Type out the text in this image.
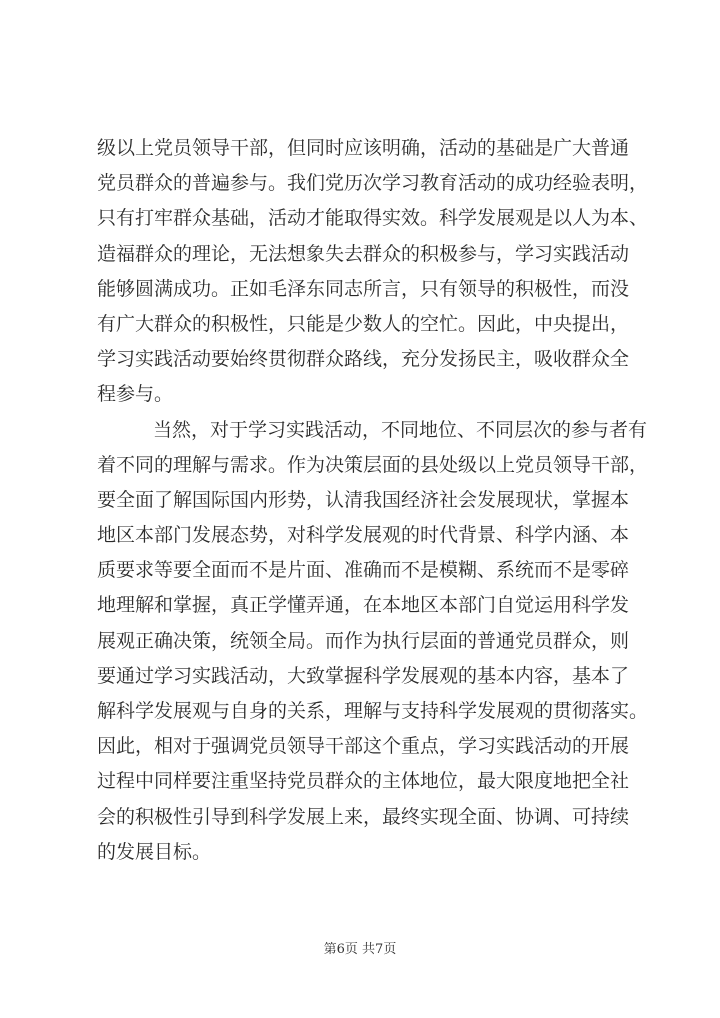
级以上党员领导干部，但同时应该明确，活动的基础是广大普通
党员群众的普遍参与。我们党历次学习教育活动的成功经验表明，
只有打牢群众基础，活动才能取得实效。科学发展观是以人为本、
造福群众的理论，无法想象失去群众的积极参与，学习实践活动
能够圆满成功。正如毛泽东同志所言，只有领导的积极性，而没
有广大群众的积极性，只能是少数人的空忙。因此，中央提出，
学习实践活动要始终贯彻群众路线，充分发扬民主，吸收群众全
程参与。
当然，对于学习实践活动，不同地位、不同层次的参与者有
着不同的理解与需求。作为决策层面的县处级以上党员领导干部，
要全面了解国际国内形势，认清我国经济社会发展现状，掌握本
地区本部门发展态势，对科学发展观的时代背景、科学内涵、本
质要求等要全面而不是片面、准确而不是模糊、系统而不是零碎
地理解和掌握，真正学懂弄通，在本地区本部门自觉运用科学发
展观正确决策，统领全局。而作为执行层面的普通党员群众，则
要通过学习实践活动，大致掌握科学发展观的基本内容，基本了
解科学发展观与自身的关系，理解与支持科学发展观的贯彻落实。
因此，相对于强调党员领导干部这个重点，学习实践活动的开展
过程中同样要注重坚持党员群众的主体地位，最大限度地把全社
会的积极性引导到科学发展上来，最终实现全面、协调、可持续
的发展目标。
第6页 共7页
